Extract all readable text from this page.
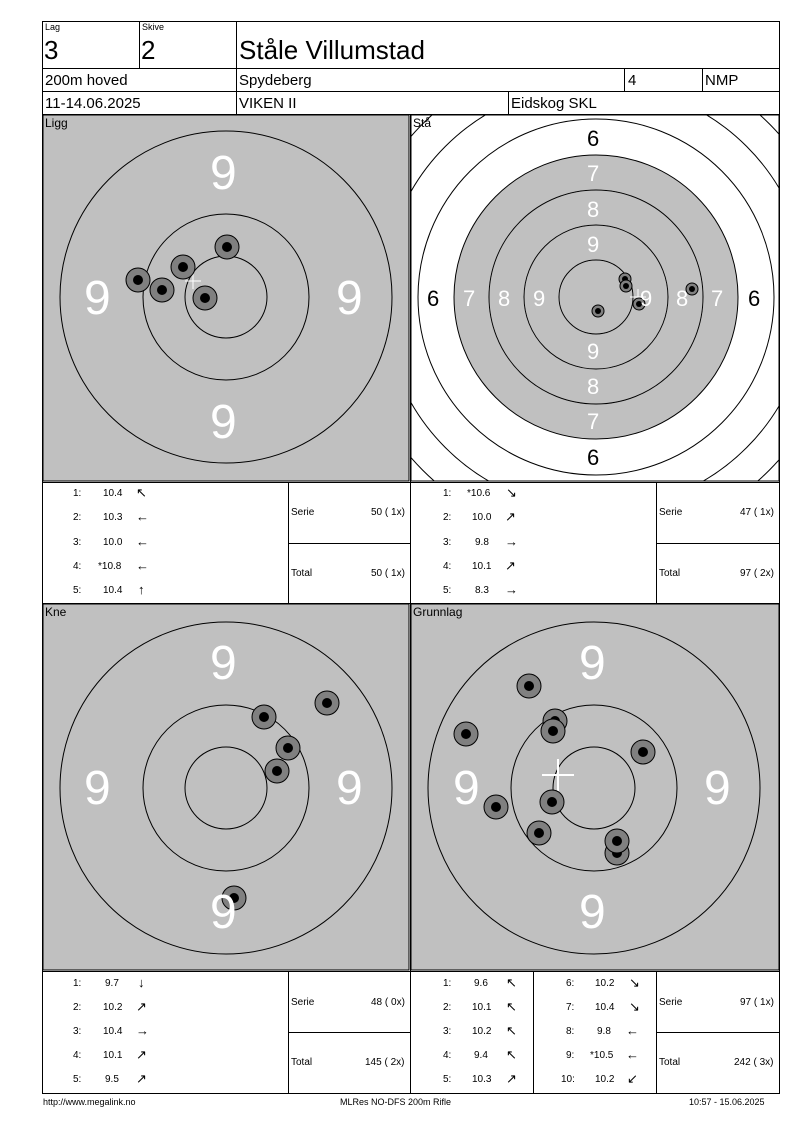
Lag
3
Skive
2	Ståle Villumstad
200m hoved	Spydeberg	4	NMP
11-14.06.2025	VIKEN II	Eidskog SKL
Ligg
9
9
9	9
Stå
6
6
6	6
7
7
7	7
8
8
8	8
9
9
9	9
1: 10.4 ↖
2: 10.3 ←
3: 10.0 ←
4: *10.8 ←
5: 10.4 ↑
Serie	50 ( 1x)
Total	50 ( 1x)
1: *10.6 ↘
2: 10.0 ↗
3: 9.8 →
4: 10.1 ↗
5: 8.3 →
Serie	47 ( 1x)
Total	97 ( 2x)
Kne
9
9
9	9
Grunnlag
9
9
9	9
1: 9.7 ↓
2: 10.2 ↗
3: 10.4 →
4: 10.1 ↗
5: 9.5 ↗
Serie	48 ( 0x)
Total	145 ( 2x)
1: 9.6 ↖
2: 10.1 ↖
3: 10.2 ↖
4: 9.4 ↖
5: 10.3 ↗
6: 10.2 ↘
7: 10.4 ↘
8: 9.8 ←
9: *10.5 ←
10: 10.2 ↙
Serie	97 ( 1x)
Total	242 ( 3x)
http://www.megalink.no	MLRes NO-DFS 200m Rifle	10:57 - 15.06.2025
